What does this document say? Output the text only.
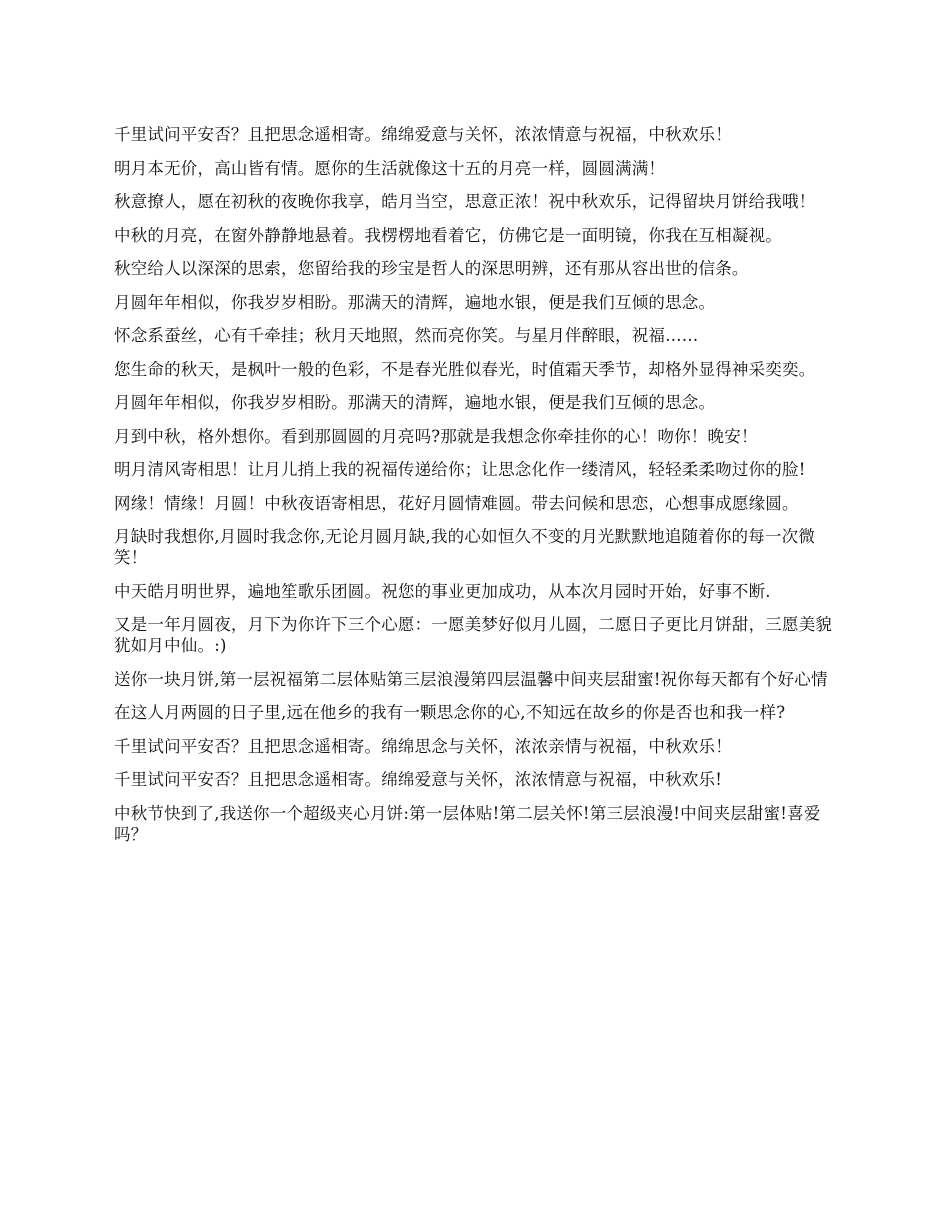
千里试问平安否？且把思念遥相寄。绵绵爱意与关怀，浓浓情意与祝福，中秋欢乐！

明月本无价，高山皆有情。愿你的生活就像这十五的月亮一样，圆圆满满！

秋意撩人，愿在初秋的夜晚你我享，皓月当空，思意正浓！祝中秋欢乐，记得留块月饼给我哦！

中秋的月亮，在窗外静静地悬着。我楞楞地看着它，仿佛它是一面明镜，你我在互相凝视。

秋空给人以深深的思索，您留给我的珍宝是哲人的深思明辨，还有那从容出世的信条。

月圆年年相似，你我岁岁相盼。那满天的清辉，遍地水银，便是我们互倾的思念。

怀念系蚕丝，心有千牵挂；秋月天地照，然而亮你笑。与星月伴醉眼，祝福……

您生命的秋天，是枫叶一般的色彩，不是春光胜似春光，时值霜天季节，却格外显得神采奕奕。

月圆年年相似，你我岁岁相盼。那满天的清辉，遍地水银，便是我们互倾的思念。

月到中秋，格外想你。看到那圆圆的月亮吗?那就是我想念你牵挂你的心！吻你！晚安！

明月清风寄相思！让月儿捎上我的祝福传递给你；让思念化作一缕清风，轻轻柔柔吻过你的脸!

网缘！情缘！月圆！中秋夜语寄相思，花好月圆情难圆。带去问候和思恋，心想事成愿缘圆。

月缺时我想你,月圆时我念你,无论月圆月缺,我的心如恒久不变的月光默默地追随着你的每一次微笑！

中天皓月明世界，遍地笙歌乐团圆。祝您的事业更加成功，从本次月园时开始，好事不断.

又是一年月圆夜，月下为你许下三个心愿：一愿美梦好似月儿圆，二愿日子更比月饼甜，三愿美貌犹如月中仙。:)

送你一块月饼,第一层祝福第二层体贴第三层浪漫第四层温馨中间夹层甜蜜!祝你每天都有个好心情

在这人月两圆的日子里,远在他乡的我有一颗思念你的心,不知远在故乡的你是否也和我一样?

千里试问平安否？且把思念遥相寄。绵绵思念与关怀，浓浓亲情与祝福，中秋欢乐！

千里试问平安否？且把思念遥相寄。绵绵爱意与关怀，浓浓情意与祝福，中秋欢乐!

中秋节快到了,我送你一个超级夹心月饼:第一层体贴!第二层关怀!第三层浪漫!中间夹层甜蜜!喜爱吗？
